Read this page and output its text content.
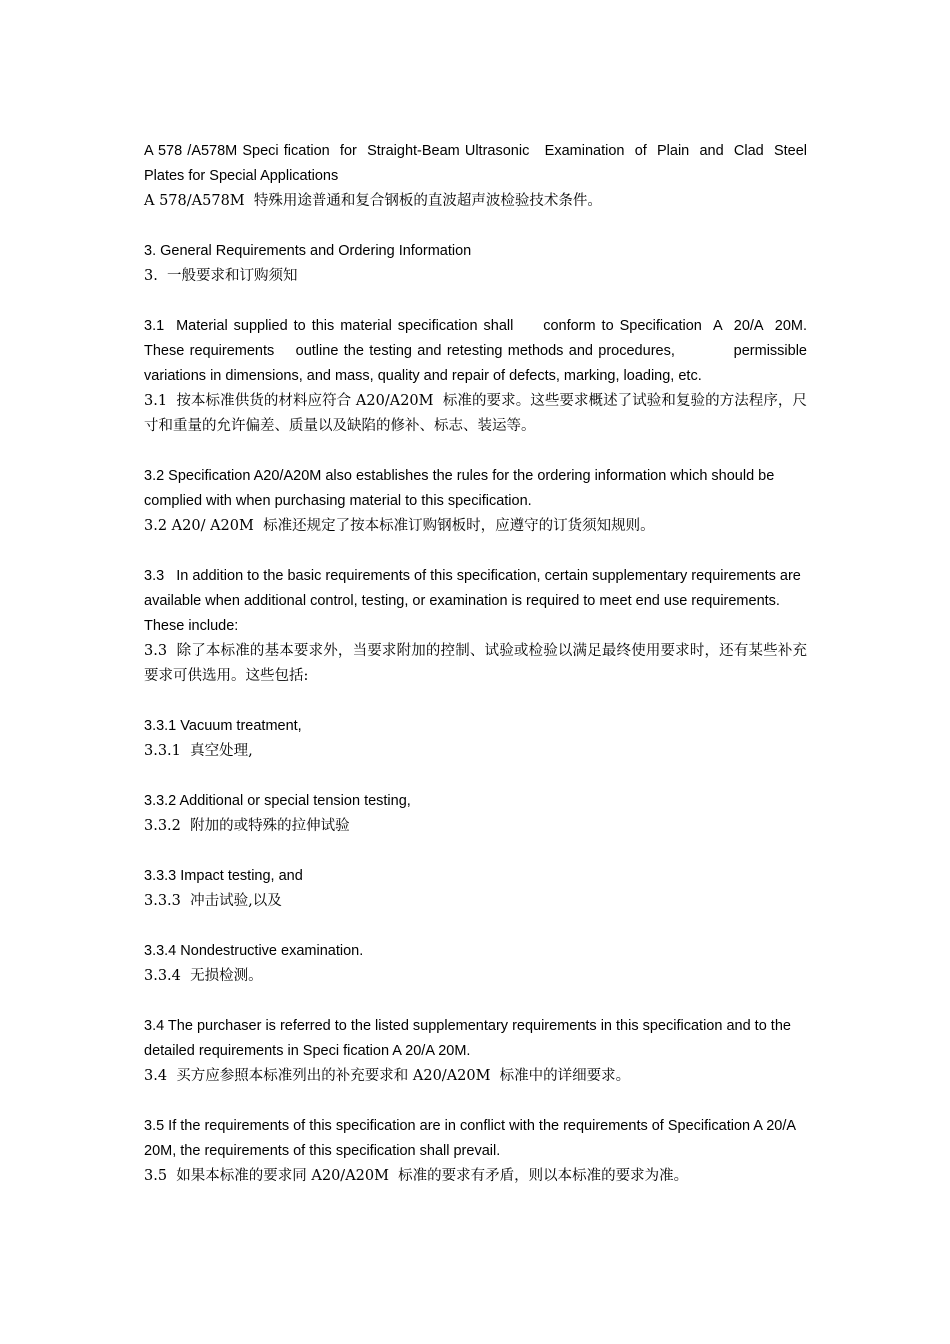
A 578 /A578M Speci fication  for  Straight-Beam Ultrasonic   Examination  of  Plain  and  Clad  Steel Plates for Special Applications
A 578/A578M  特殊用途普通和复合钢板的直波超声波检验技术条件。
3. General Requirements and Ordering Information
3.  一般要求和订购须知
3.1  Material supplied to this material specification shall     conform to Specification  A  20/A  20M. These requirements    outline the testing and retesting methods and procedures,           permissible variations in dimensions, and mass, quality and repair of defects, marking, loading, etc.
3.1  按本标准供货的材料应符合 A20/A20M  标准的要求。这些要求概述了试验和复验的方法程序，尺寸和重量的允许偏差、质量以及缺陷的修补、标志、装运等。
3.2 Specification A20/A20M also establishes the rules for the ordering information which should be complied with when purchasing material to this specification.
3.2 A20/ A20M  标准还规定了按本标准订购钢板时，应遵守的订货须知规则。
3.3   In addition to the basic requirements of this specification, certain supplementary requirements are available when additional control, testing, or examination is required to meet end use requirements. These include:
3.3  除了本标准的基本要求外，当要求附加的控制、试验或检验以满足最终使用要求时，还有某些补充要求可供选用。这些包括:
3.3.1 Vacuum treatment,
3.3.1  真空处理,
3.3.2 Additional or special tension testing,
3.3.2  附加的或特殊的拉伸试验
3.3.3 Impact testing, and
3.3.3  冲击试验,以及
3.3.4 Nondestructive examination.
3.3.4  无损检测。
3.4 The purchaser is referred to the listed supplementary requirements in this specification and to the detailed requirements in Speci fication A 20/A 20M.
3.4  买方应参照本标准列出的补充要求和 A20/A20M  标准中的详细要求。
3.5 If the requirements of this specification are in conflict with the requirements of Specification A 20/A 20M, the requirements of this specification shall prevail.
3.5  如果本标准的要求同 A20/A20M  标准的要求有矛盾，则以本标准的要求为准。
